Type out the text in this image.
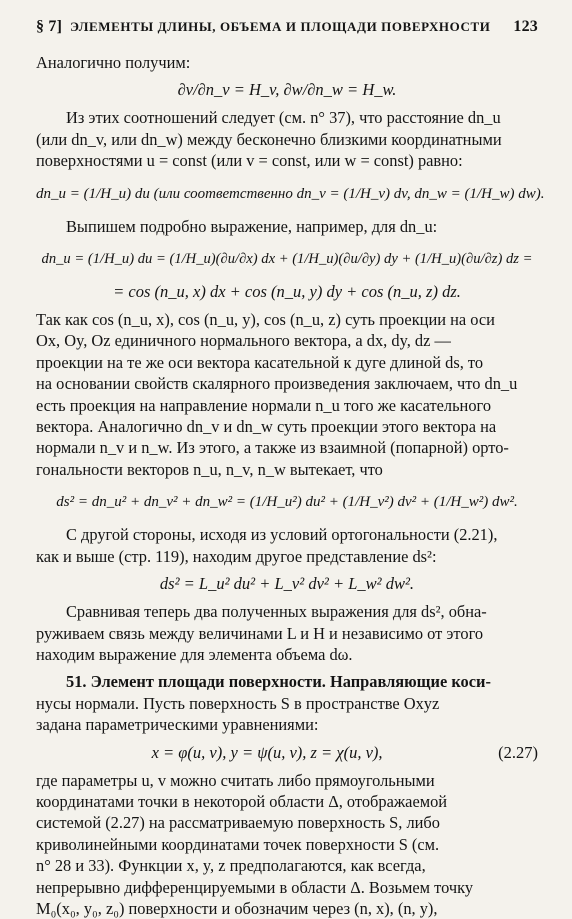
§ 7] ЭЛЕМЕНТЫ ДЛИНЫ, ОБЪЕМА И ПЛОЩАДИ ПОВЕРХНОСТИ	123

Аналогично получим:

∂v/∂n_v = H_v, ∂w/∂n_w = H_w.

Из этих соотношений следует (см. n° 37), что расстояние dn_u

(или dn_v, или dn_w) между бесконечно близкими координатными

поверхностями u = const (или v = const, или w = const) равно:

dn_u = (1/H_u) du (или соответственно dn_v = (1/H_v) dv, dn_w = (1/H_w) dw).

Выпишем подробно выражение, например, для dn_u:

dn_u = (1/H_u) du = (1/H_u)(∂u/∂x) dx + (1/H_u)(∂u/∂y) dy + (1/H_u)(∂u/∂z) dz =
= cos (n_u, x) dx + cos (n_u, y) dy + cos (n_u, z) dz.

Так как cos (n_u, x), cos (n_u, y), cos (n_u, z) суть проекции на оси

Ox, Oy, Oz единичного нормального вектора, а dx, dy, dz —

проекции на те же оси вектора касательной к дуге длиной ds, то

на основании свойств скалярного произведения заключаем, что dn_u

есть проекция на направление нормали n_u того же касательного

вектора. Аналогично dn_v и dn_w суть проекции этого вектора на

нормали n_v и n_w. Из этого, а также из взаимной (попарной) орто-

гональности векторов n_u, n_v, n_w вытекает, что

ds² = dn_u² + dn_v² + dn_w² = (1/H_u²) du² + (1/H_v²) dv² + (1/H_w²) dw².

С другой стороны, исходя из условий ортогональности (2.21),

как и выше (стр. 119), находим другое представление ds²:

ds² = L_u² du² + L_v² dv² + L_w² dw².

Сравнивая теперь два полученных выражения для ds², обна-

руживаем связь между величинами L и H и независимо от этого

находим выражение для элемента объема dω.

51. Элемент площади поверхности. Направляющие коси-

нусы нормали. Пусть поверхность S в пространстве Oxyz

задана параметрическими уравнениями:

x = φ(u, v), y = ψ(u, v), z = χ(u, v),	(2.27)

где параметры u, v можно считать либо прямоугольными

координатами точки в некоторой области Δ, отображаемой

системой (2.27) на рассматриваемую поверхность S, либо

криволинейными координатами точек поверхности S (см.

n° 28 и 33). Функции x, y, z предполагаются, как всегда,

непрерывно дифференцируемыми в области Δ. Возьмем точку

M₀(x₀, y₀, z₀) поверхности и обозначим через (n, x), (n, y),
